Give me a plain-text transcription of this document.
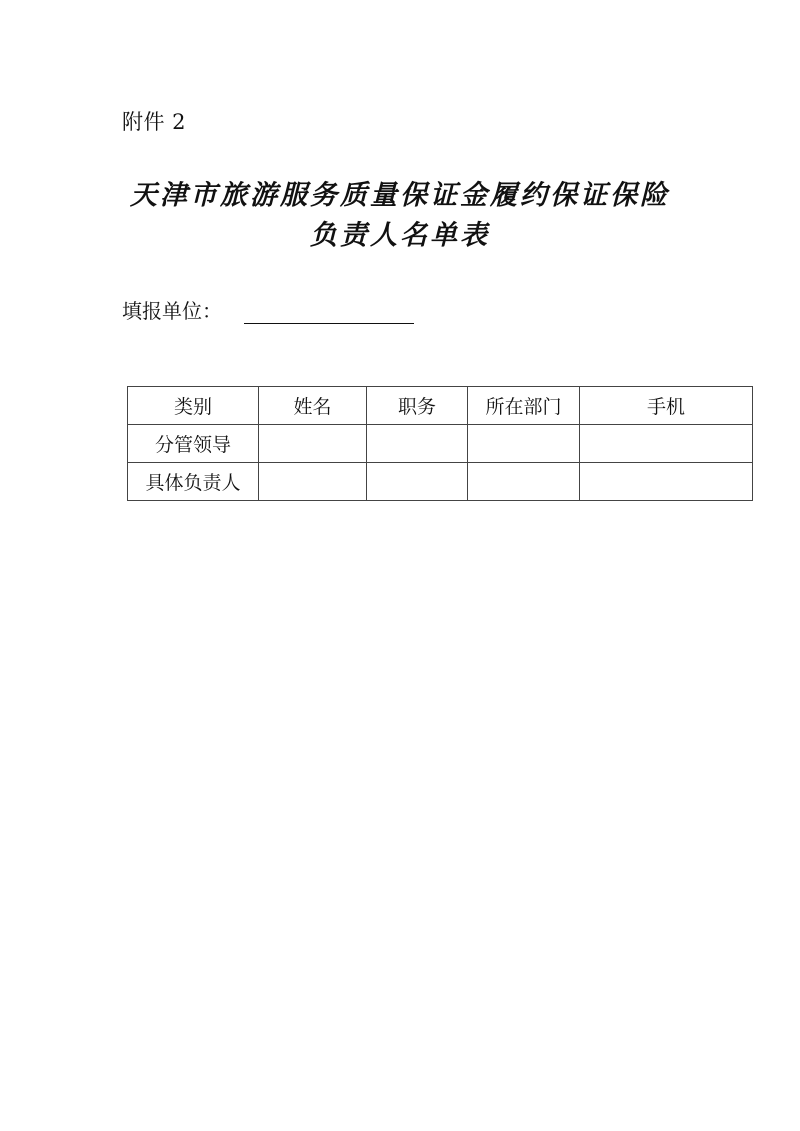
附件 2
天津市旅游服务质量保证金履约保证保险
负责人名单表
填报单位：
类别	姓名	职务	所在部门	手机
分管领导				
具体负责人				
